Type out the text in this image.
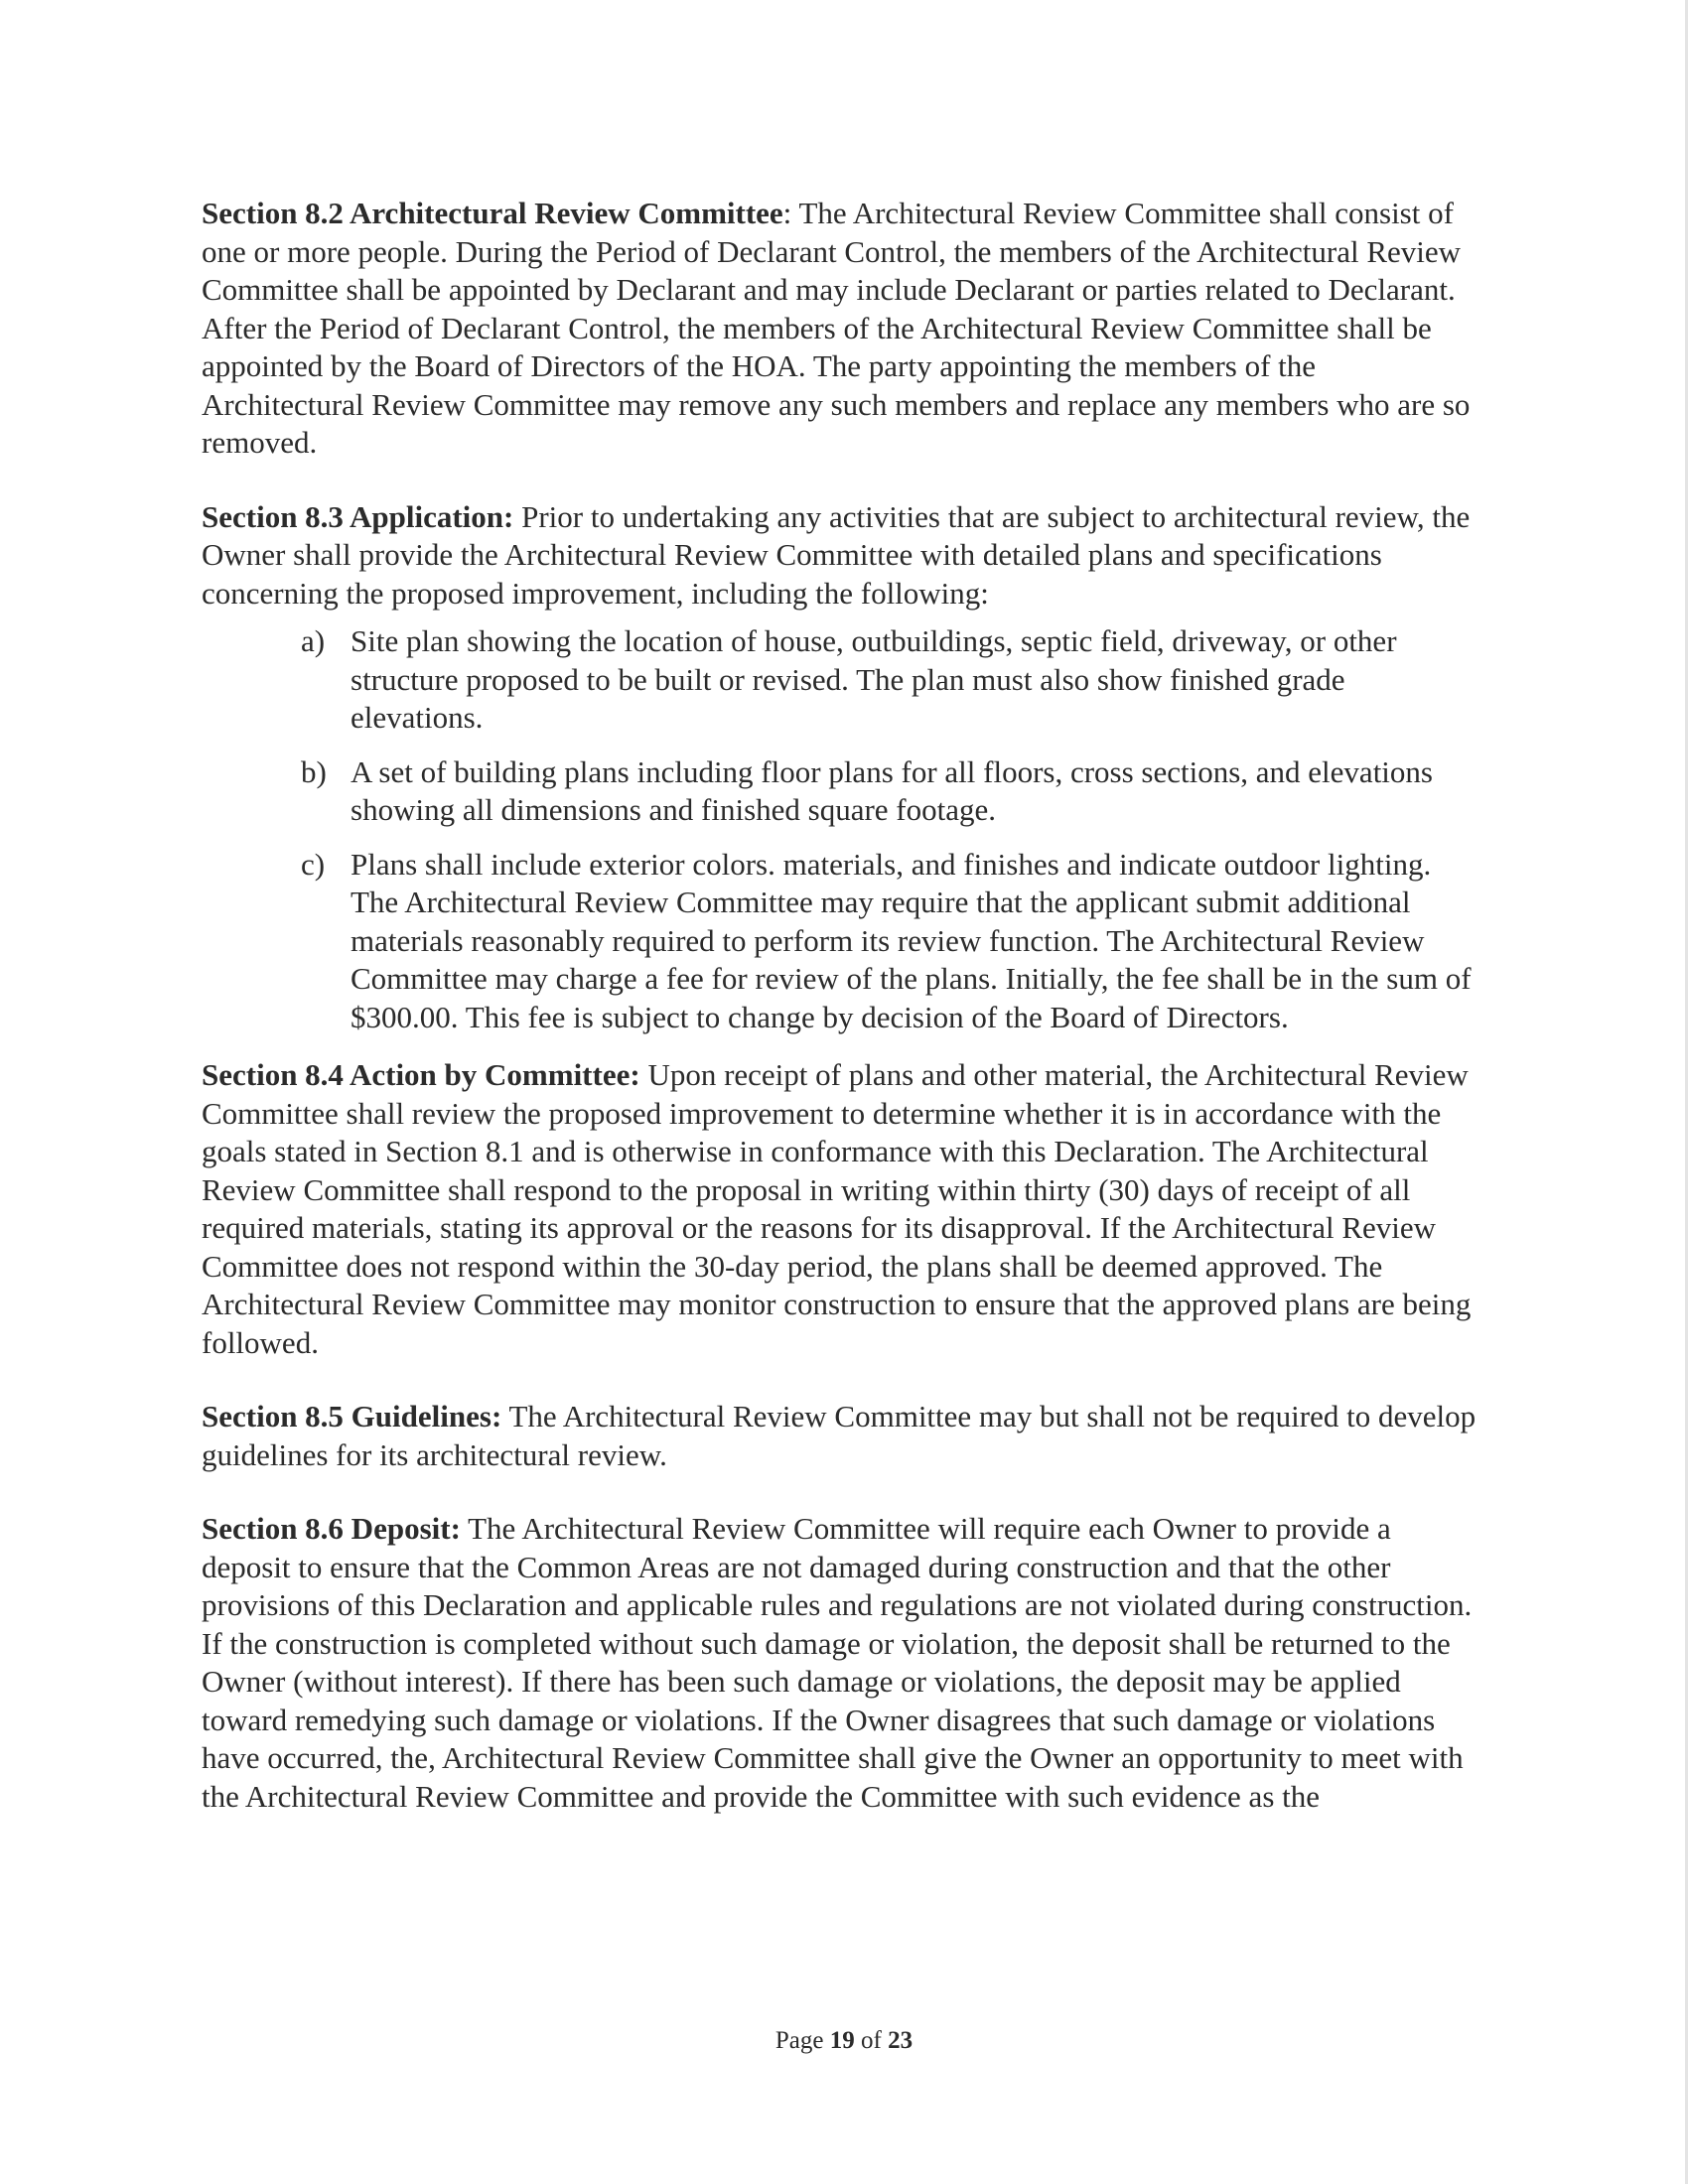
Section 8.2 Architectural Review Committee: The Architectural Review Committee shall consist of one or more people. During the Period of Declarant Control, the members of the Architectural Review Committee shall be appointed by Declarant and may include Declarant or parties related to Declarant. After the Period of Declarant Control, the members of the Architectural Review Committee shall be appointed by the Board of Directors of the HOA. The party appointing the members of the Architectural Review Committee may remove any such members and replace any members who are so removed.

Section 8.3 Application: Prior to undertaking any activities that are subject to architectural review, the Owner shall provide the Architectural Review Committee with detailed plans and specifications concerning the proposed improvement, including the following:

a) Site plan showing the location of house, outbuildings, septic field, driveway, or other structure proposed to be built or revised. The plan must also show finished grade elevations.
b) A set of building plans including floor plans for all floors, cross sections, and elevations showing all dimensions and finished square footage.
c) Plans shall include exterior colors. materials, and finishes and indicate outdoor lighting. The Architectural Review Committee may require that the applicant submit additional materials reasonably required to perform its review function. The Architectural Review Committee may charge a fee for review of the plans. Initially, the fee shall be in the sum of $300.00. This fee is subject to change by decision of the Board of Directors.

Section 8.4 Action by Committee: Upon receipt of plans and other material, the Architectural Review Committee shall review the proposed improvement to determine whether it is in accordance with the goals stated in Section 8.1 and is otherwise in conformance with this Declaration. The Architectural Review Committee shall respond to the proposal in writing within thirty (30) days of receipt of all required materials, stating its approval or the reasons for its disapproval. If the Architectural Review Committee does not respond within the 30-day period, the plans shall be deemed approved. The Architectural Review Committee may monitor construction to ensure that the approved plans are being followed.

Section 8.5 Guidelines: The Architectural Review Committee may but shall not be required to develop guidelines for its architectural review.

Section 8.6 Deposit: The Architectural Review Committee will require each Owner to provide a deposit to ensure that the Common Areas are not damaged during construction and that the other provisions of this Declaration and applicable rules and regulations are not violated during construction. If the construction is completed without such damage or violation, the deposit shall be returned to the Owner (without interest). If there has been such damage or violations, the deposit may be applied toward remedying such damage or violations. If the Owner disagrees that such damage or violations have occurred, the, Architectural Review Committee shall give the Owner an opportunity to meet with the Architectural Review Committee and provide the Committee with such evidence as the

Page 19 of 23
